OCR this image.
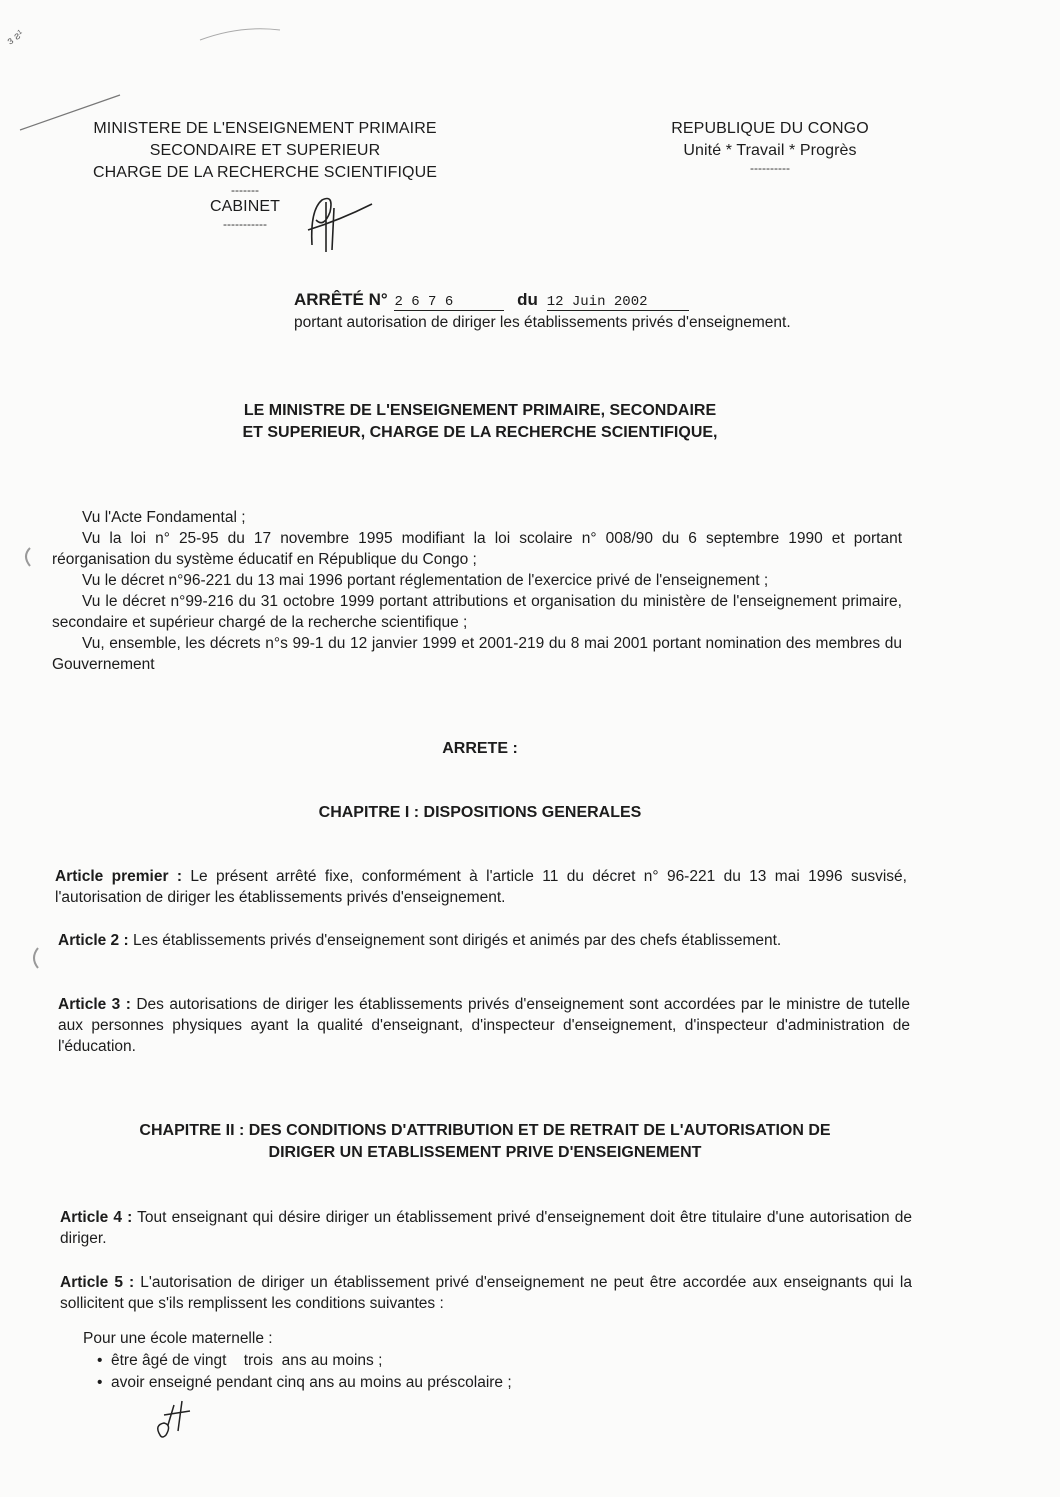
ɜ ƨ¹
MINISTERE DE L'ENSEIGNEMENT PRIMAIRE
SECONDAIRE ET SUPERIEUR
CHARGE DE LA RECHERCHE SCIENTIFIQUE
-------
CABINET
-----------
REPUBLIQUE DU CONGO
Unité * Travail * Progrès
----------
ARRÊTÉ N° 2 6 7 6	du 12 Juin 2002
portant autorisation de diriger les établissements privés d'enseignement.
LE MINISTRE DE L'ENSEIGNEMENT PRIMAIRE, SECONDAIRE
ET SUPERIEUR, CHARGE DE LA RECHERCHE SCIENTIFIQUE,
Vu l'Acte Fondamental ;
Vu la loi n° 25-95 du 17 novembre 1995 modifiant la loi scolaire n° 008/90 du 6 septembre 1990 et portant réorganisation du système éducatif en République du Congo ;
Vu le décret n°96-221 du 13 mai 1996 portant réglementation de l'exercice privé de l'enseignement ;
Vu le décret n°99-216 du 31 octobre 1999 portant attributions et organisation du ministère de l'enseignement primaire, secondaire et supérieur chargé de la recherche scientifique ;
Vu, ensemble, les décrets n°s 99-1 du 12 janvier 1999 et 2001-219 du 8 mai 2001 portant nomination des membres du Gouvernement
ARRETE :
CHAPITRE I : DISPOSITIONS GENERALES
Article premier : Le présent arrêté fixe, conformément à l'article 11 du décret n° 96-221 du 13 mai 1996 susvisé, l'autorisation de diriger les établissements privés d'enseignement.
Article 2 : Les établissements privés d'enseignement sont dirigés et animés par des chefs établissement.
Article 3 : Des autorisations de diriger les établissements privés d'enseignement sont accordées par le ministre de tutelle aux personnes physiques ayant la qualité d'enseignant, d'inspecteur d'enseignement, d'inspecteur d'administration de l'éducation.
CHAPITRE II : DES CONDITIONS D'ATTRIBUTION ET DE RETRAIT DE L'AUTORISATION DE
DIRIGER UN ETABLISSEMENT PRIVE D'ENSEIGNEMENT
Article 4 : Tout enseignant qui désire diriger un établissement privé d'enseignement doit être titulaire d'une autorisation de diriger.
Article 5 : L'autorisation de diriger un établissement privé d'enseignement ne peut être accordée aux enseignants qui la sollicitent que s'ils remplissent les conditions suivantes :
Pour une école maternelle :
• être âgé de vingt    trois  ans au moins ;
• avoir enseigné pendant cinq ans au moins au préscolaire ;
